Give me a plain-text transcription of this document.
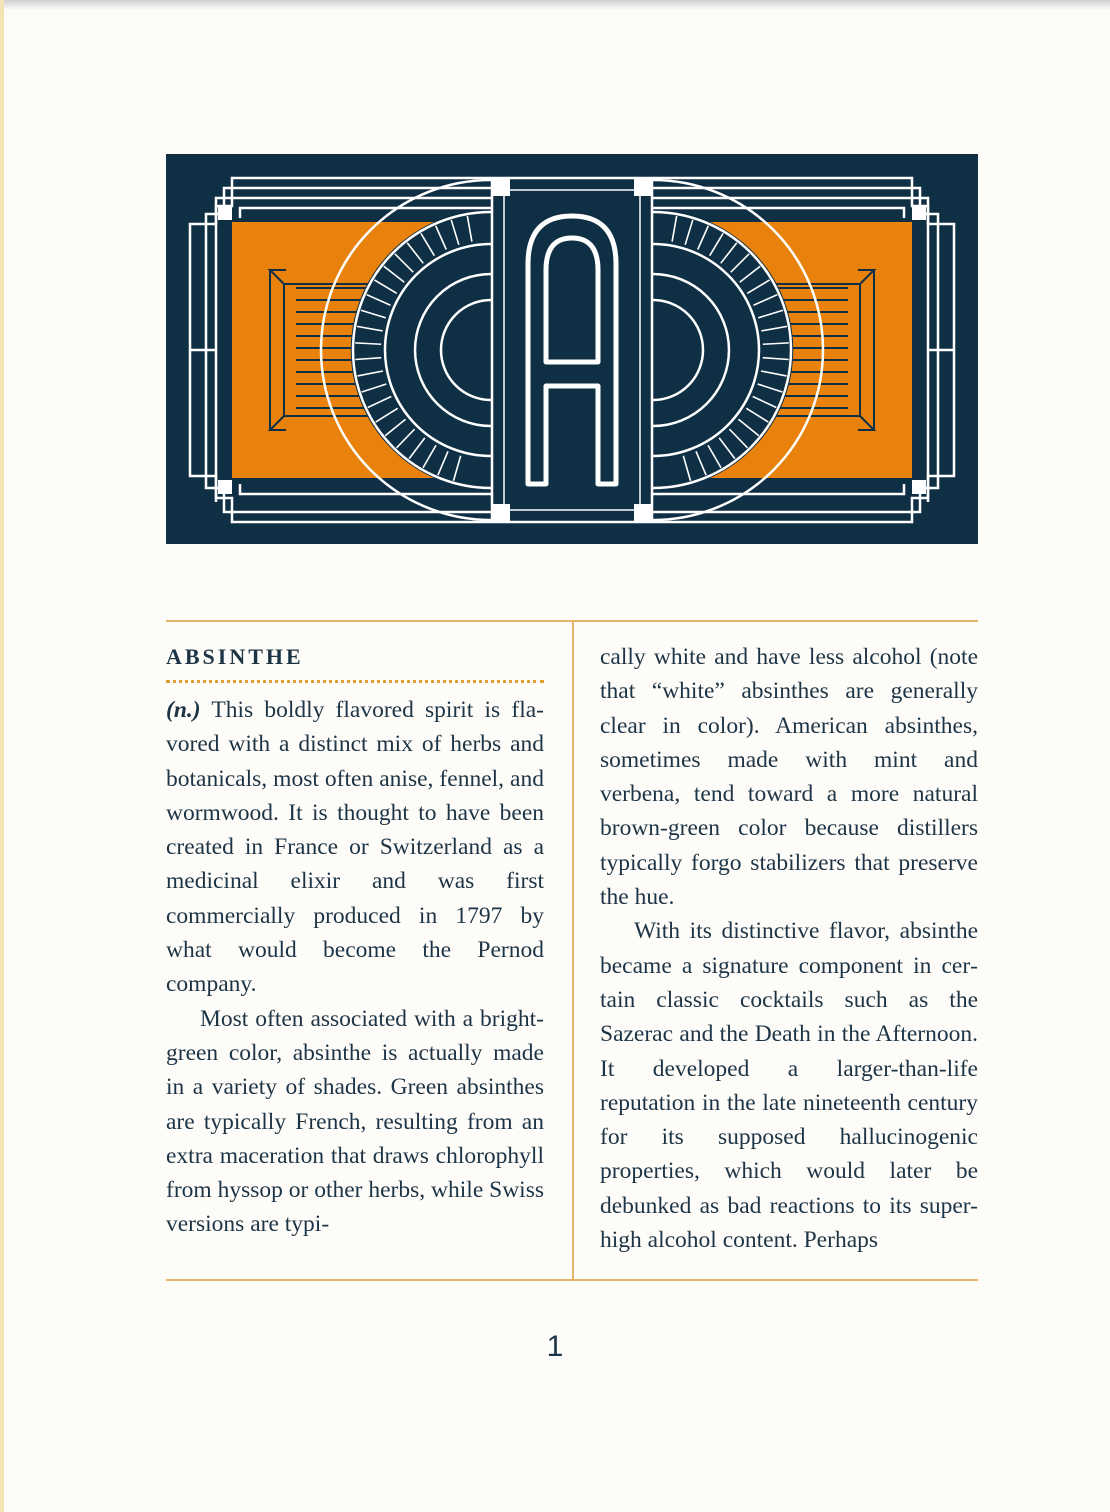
ABSINTHE

(n.) This boldly flavored spirit is flavored with a distinct mix of herbs and botanicals, most often anise, fennel, and wormwood. It is thought to have been created in France or Switzerland as a medicinal elixir and was first commercially produced in 1797 by what would become the Pernod company.

Most often associated with a brightgreen color, absinthe is actually made in a variety of shades. Green absinthes are typically French, resulting from an extra maceration that draws chlorophyll from hyssop or other herbs, while Swiss versions are typi-

cally white and have less alcohol (note that “white” absinthes are generally clear in color). American absinthes, sometimes made with mint and verbena, tend toward a more natural brown-green color because distillers typically forgo stabilizers that preserve the hue.

With its distinctive flavor, absinthe became a signature component in certain classic cocktails such as the Sazerac and the Death in the Afternoon. It developed a larger-than-life reputation in the late nineteenth century for its supposed hallucinogenic properties, which would later be debunked as bad reactions to its super-high alcohol content. Perhaps

1
